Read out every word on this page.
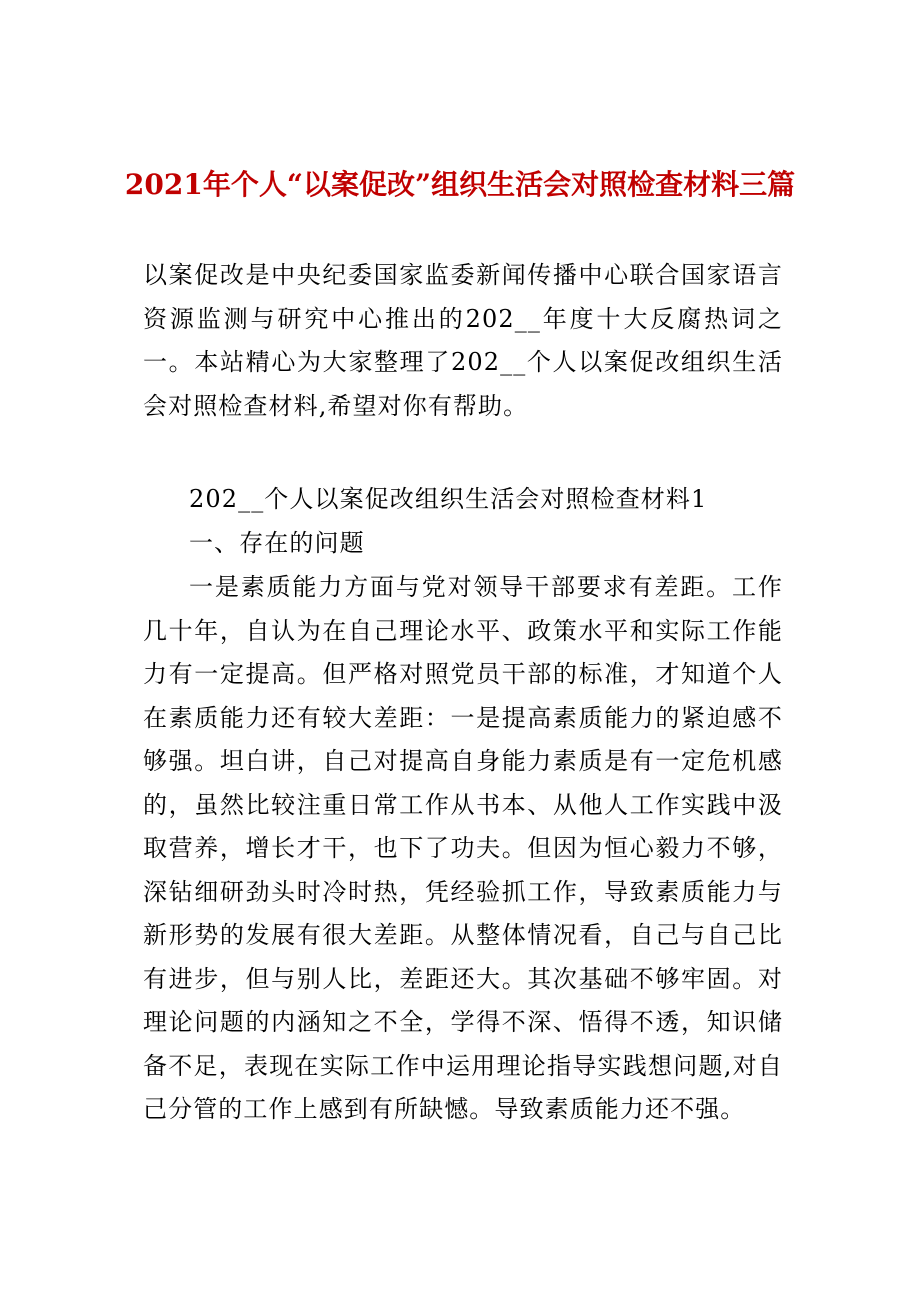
2021年个人“以案促改”组织生活会对照检查材料三篇

以案促改是中央纪委国家监委新闻传播中心联合国家语言资源监测与研究中心推出的202__年度十大反腐热词之一。本站精心为大家整理了202__个人以案促改组织生活会对照检查材料,希望对你有帮助。

202__个人以案促改组织生活会对照检查材料1

一、存在的问题

一是素质能力方面与党对领导干部要求有差距。工作几十年，自认为在自己理论水平、政策水平和实际工作能力有一定提高。但严格对照党员干部的标准，才知道个人在素质能力还有较大差距：一是提高素质能力的紧迫感不够强。坦白讲，自己对提高自身能力素质是有一定危机感的，虽然比较注重日常工作从书本、从他人工作实践中汲取营养，增长才干，也下了功夫。但因为恒心毅力不够，深钻细研劲头时冷时热，凭经验抓工作，导致素质能力与新形势的发展有很大差距。从整体情况看，自己与自己比有进步，但与别人比，差距还大。其次基础不够牢固。对理论问题的内涵知之不全，学得不深、悟得不透，知识储备不足，表现在实际工作中运用理论指导实践想问题,对自己分管的工作上感到有所缺憾。导致素质能力还不强。
